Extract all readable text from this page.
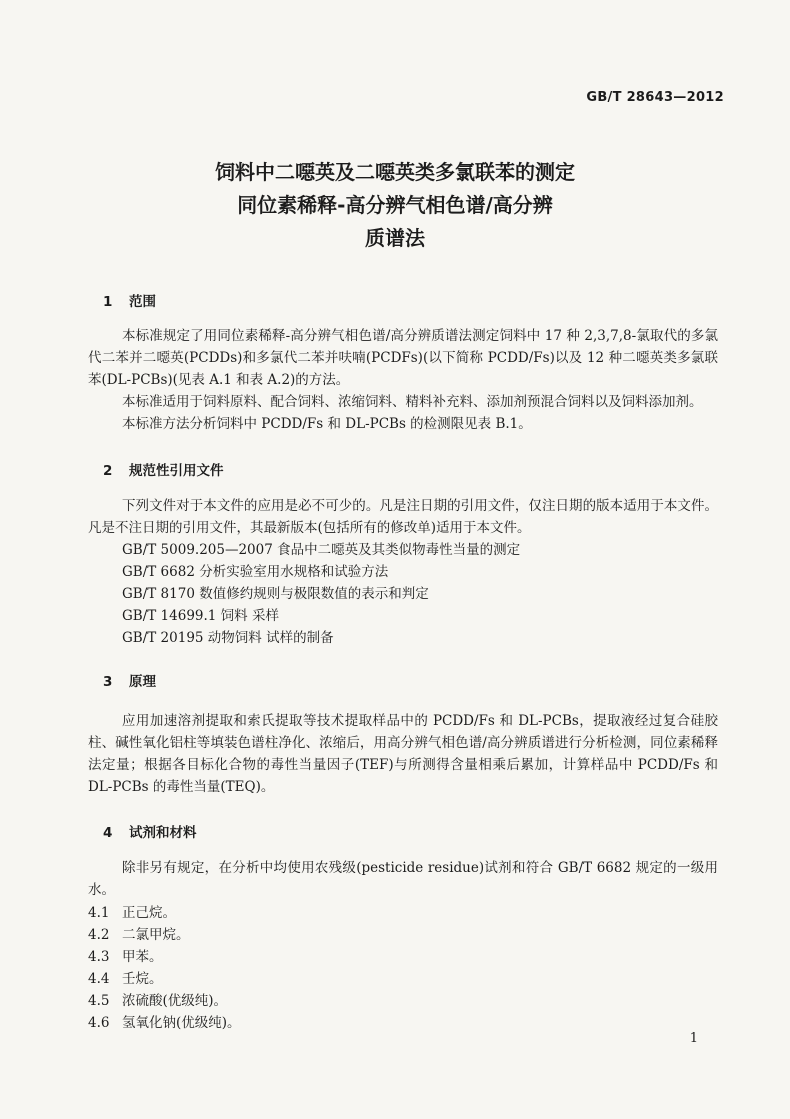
GB/T 28643—2012
饲料中二噁英及二噁英类多氯联苯的测定
同位素稀释-高分辨气相色谱/高分辨
质谱法
1 范围
本标准规定了用同位素稀释-高分辨气相色谱/高分辨质谱法测定饲料中 17 种 2,3,7,8-氯取代的多氯代二苯并二噁英(PCDDs)和多氯代二苯并呋喃(PCDFs)(以下简称 PCDD/Fs)以及 12 种二噁英类多氯联苯(DL-PCBs)(见表 A.1 和表 A.2)的方法。
本标准适用于饲料原料、配合饲料、浓缩饲料、精料补充料、添加剂预混合饲料以及饲料添加剂。
本标准方法分析饲料中 PCDD/Fs 和 DL-PCBs 的检测限见表 B.1。
2 规范性引用文件
下列文件对于本文件的应用是必不可少的。凡是注日期的引用文件，仅注日期的版本适用于本文件。凡是不注日期的引用文件，其最新版本(包括所有的修改单)适用于本文件。
GB/T 5009.205—2007 食品中二噁英及其类似物毒性当量的测定
GB/T 6682 分析实验室用水规格和试验方法
GB/T 8170 数值修约规则与极限数值的表示和判定
GB/T 14699.1 饲料 采样
GB/T 20195 动物饲料 试样的制备
3 原理
应用加速溶剂提取和索氏提取等技术提取样品中的 PCDD/Fs 和 DL-PCBs，提取液经过复合硅胶柱、碱性氧化铝柱等填装色谱柱净化、浓缩后，用高分辨气相色谱/高分辨质谱进行分析检测，同位素稀释法定量；根据各目标化合物的毒性当量因子(TEF)与所测得含量相乘后累加，计算样品中 PCDD/Fs 和 DL-PCBs 的毒性当量(TEQ)。
4 试剂和材料
除非另有规定，在分析中均使用农残级(pesticide residue)试剂和符合 GB/T 6682 规定的一级用水。
4.1 正己烷。
4.2 二氯甲烷。
4.3 甲苯。
4.4 壬烷。
4.5 浓硫酸(优级纯)。
4.6 氢氧化钠(优级纯)。
1
